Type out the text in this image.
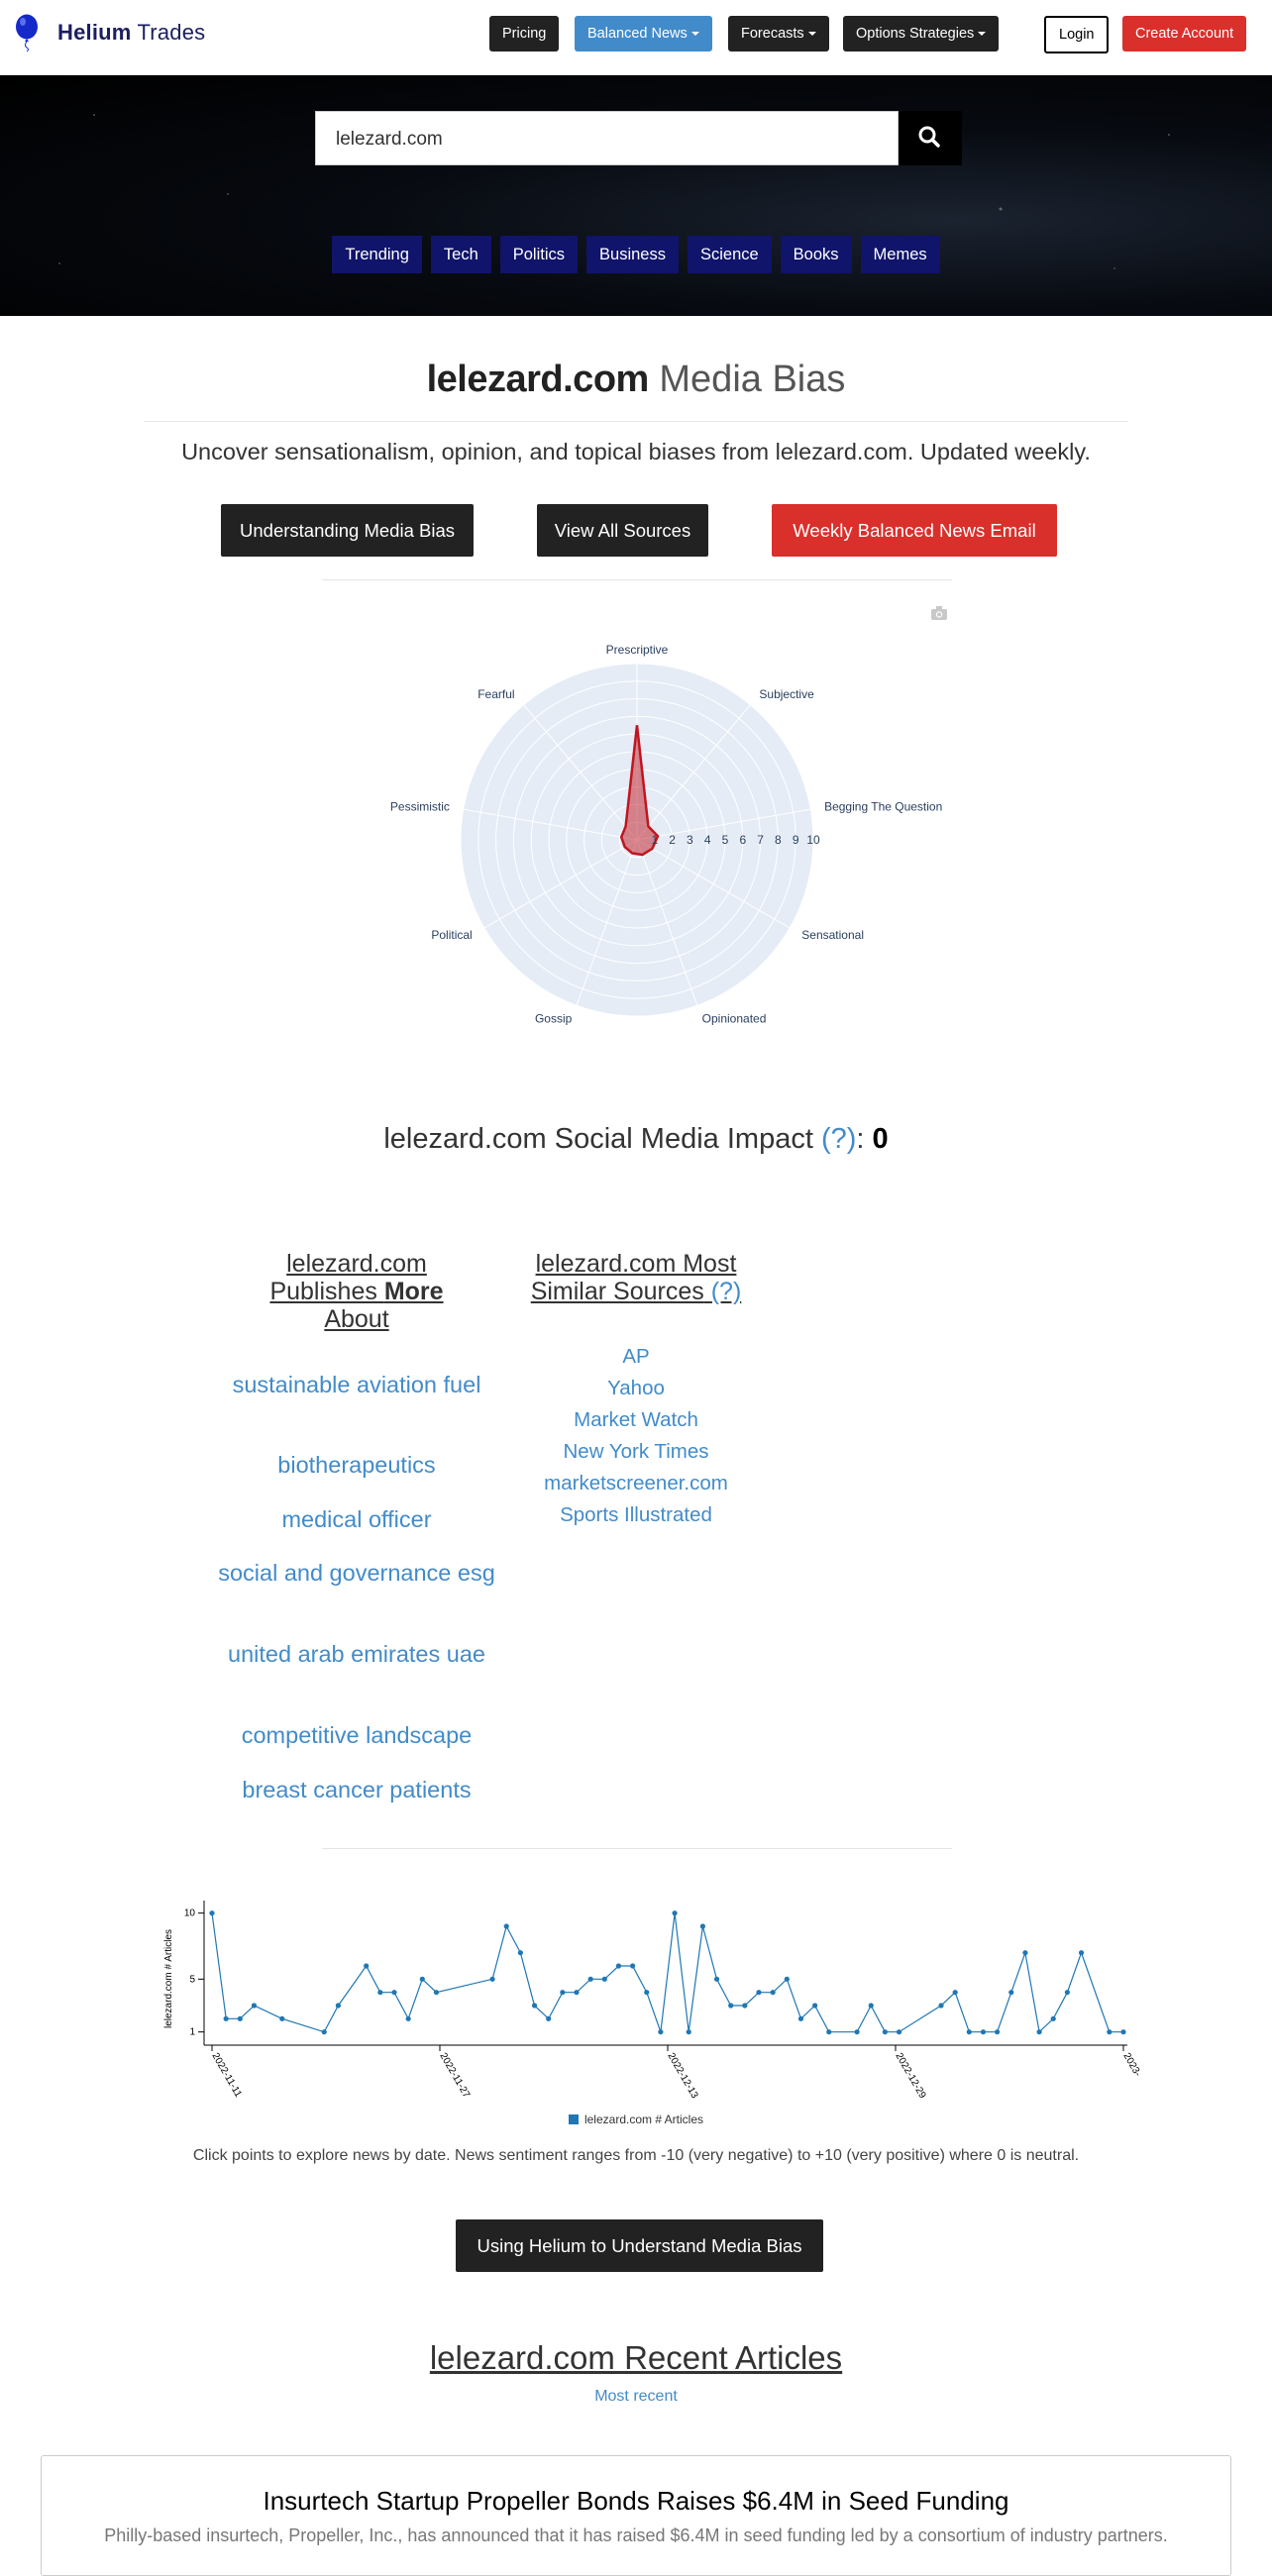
Helium Trades	Pricing	Balanced News	Forecasts	Options Strategies	Login	Create Account
lelezard.com
Trending	Tech	Politics	Business	Science	Books	Memes
lelezard.com Media Bias
Uncover sensationalism, opinion, and topical biases from lelezard.com. Updated weekly.
Understanding Media Bias	View All Sources	Weekly Balanced News Email
Prescriptive
Subjective
Begging The Question
Sensational
Opinionated
Gossip
Political
Pessimistic
Fearful
1 2 3 4 5 6 7 8 9 10
lelezard.com Social Media Impact (?): 0
lelezard.com
Publishes More
About
sustainable aviation fuel
biotherapeutics
medical officer
social and governance esg
united arab emirates uae
competitive landscape
breast cancer patients
lelezard.com Most
Similar Sources (?)
AP
Yahoo
Market Watch
New York Times
marketscreener.com
Sports Illustrated
lelezard.com # Articles
1
5
10
2022-11-11	2022-11-27	2022-12-13	2022-12-29	2023-
lelezard.com # Articles
Click points to explore news by date. News sentiment ranges from -10 (very negative) to +10 (very positive) where 0 is neutral.
Using Helium to Understand Media Bias
lelezard.com Recent Articles
Most recent
Insurtech Startup Propeller Bonds Raises $6.4M in Seed Funding
Philly-based insurtech, Propeller, Inc., has announced that it has raised $6.4M in seed funding led by a consortium of industry partners.
